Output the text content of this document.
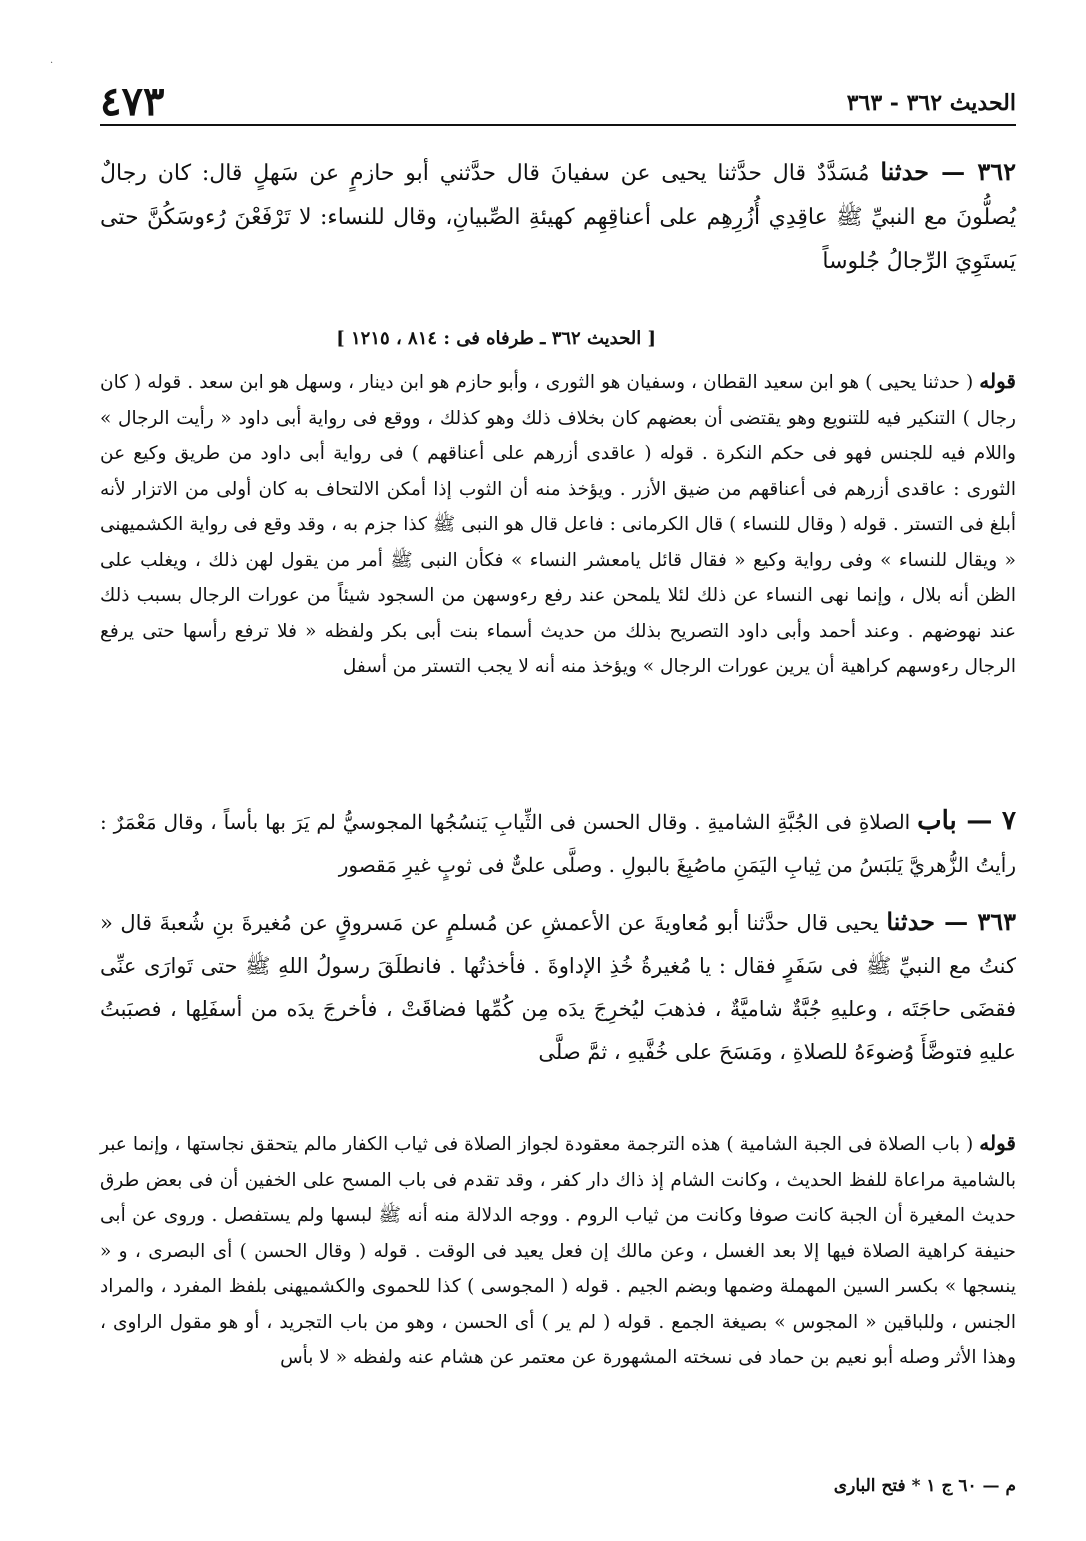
·
الحديث ٣٦٢ - ٣٦٣
٤٧٣
٣٦٢ — حدثنا مُسَدَّدٌ قال حدَّثنا يحيى عن سفيانَ قال حدَّثني أبو حازمٍ عن سَهلٍ قال: كان رجالٌ يُصلُّونَ مع النبيِّ ﷺ عاقِدِي أُزُرِهِم على أعناقِهِم كهيئةِ الصِّبيانِ، وقال للنساء: لا تَرْفَعْنَ رُءوسَكُنَّ حتى يَستَوِيَ الرِّجالُ جُلوساً
[ الحديث ٣٦٢ ـ طرفاه فى : ٨١٤ ، ١٢١٥ ]
قوله ( حدثنا يحيى ) هو ابن سعيد القطان ، وسفيان هو الثورى ، وأبو حازم هو ابن دينار ، وسهل هو ابن سعد . قوله ( كان رجال ) التنكير فيه للتنويع وهو يقتضى أن بعضهم كان بخلاف ذلك وهو كذلك ، ووقع فى رواية أبى داود « رأيت الرجال » واللام فيه للجنس فهو فى حكم النكرة . قوله ( عاقدى أزرهم على أعناقهم ) فى رواية أبى داود من طريق وكيع عن الثورى : عاقدى أزرهم فى أعناقهم من ضيق الأزر . ويؤخذ منه أن الثوب إذا أمكن الالتحاف به كان أولى من الاتزار لأنه أبلغ فى التستر . قوله ( وقال للنساء ) قال الكرمانى : فاعل قال هو النبى ﷺ كذا جزم به ، وقد وقع فى رواية الكشميهنى « ويقال للنساء » وفى رواية وكيع « فقال قائل يامعشر النساء » فكأن النبى ﷺ أمر من يقول لهن ذلك ، ويغلب على الظن أنه بلال ، وإنما نهى النساء عن ذلك لئلا يلمحن عند رفع رءوسهن من السجود شيئاً من عورات الرجال بسبب ذلك عند نهوضهم . وعند أحمد وأبى داود التصريح بذلك من حديث أسماء بنت أبى بكر ولفظه « فلا ترفع رأسها حتى يرفع الرجال رءوسهم كراهية أن يرين عورات الرجال » ويؤخذ منه أنه لا يجب التستر من أسفل
٧ — باب الصلاةِ فى الجُبَّةِ الشاميةِ . وقال الحسن فى الثِّيابِ يَنسُجُها المجوسيُّ لم يَرَ بها بأساً ، وقال مَعْمَرٌ : رأيتُ الزُّهريَّ يَلبَسُ من ثِيابِ اليَمَنِ ماصُبِغَ بالبولِ . وصلَّى علىٌّ فى ثوبٍ غيرِ مَقصور
٣٦٣ — حدثنا يحيى قال حدَّثنا أبو مُعاويةَ عن الأعمشِ عن مُسلمٍ عن مَسروقٍ عن مُغيرةَ بنِ شُعبةَ قال « كنتُ مع النبيِّ ﷺ فى سَفَرٍ فقال : يا مُغيرةُ خُذِ الإداوةَ . فأخذتُها . فانطلَقَ رسولُ اللهِ ﷺ حتى تَوارَى عنِّى فقضَى حاجَتَه ، وعليهِ جُبَّةٌ شاميَّةٌ ، فذهبَ ليُخرِجَ يدَه مِن كُمِّها فضاقَتْ ، فأخرجَ يدَه من أسفَلِها ، فصبَبتُ عليهِ فتوضَّأَ وُضوءَهُ للصلاةِ ، ومَسَحَ على خُفَّيهِ ، ثمَّ صلَّى
قوله ( باب الصلاة فى الجبة الشامية ) هذه الترجمة معقودة لجواز الصلاة فى ثياب الكفار مالم يتحقق نجاستها ، وإنما عبر بالشامية مراعاة للفظ الحديث ، وكانت الشام إذ ذاك دار كفر ، وقد تقدم فى باب المسح على الخفين أن فى بعض طرق حديث المغيرة أن الجبة كانت صوفا وكانت من ثياب الروم . ووجه الدلالة منه أنه ﷺ لبسها ولم يستفصل . وروى عن أبى حنيفة كراهية الصلاة فيها إلا بعد الغسل ، وعن مالك إن فعل يعيد فى الوقت . قوله ( وقال الحسن ) أى البصرى ، و « ينسجها » بكسر السين المهملة وضمها وبضم الجيم . قوله ( المجوسى ) كذا للحموى والكشميهنى بلفظ المفرد ، والمراد الجنس ، وللباقين « المجوس » بصيغة الجمع . قوله ( لم ير ) أى الحسن ، وهو من باب التجريد ، أو هو مقول الراوى ، وهذا الأثر وصله أبو نعيم بن حماد فى نسخته المشهورة عن معتمر عن هشام عنه ولفظه « لا بأس
م — ٦٠ ج ١ * فتح البارى
